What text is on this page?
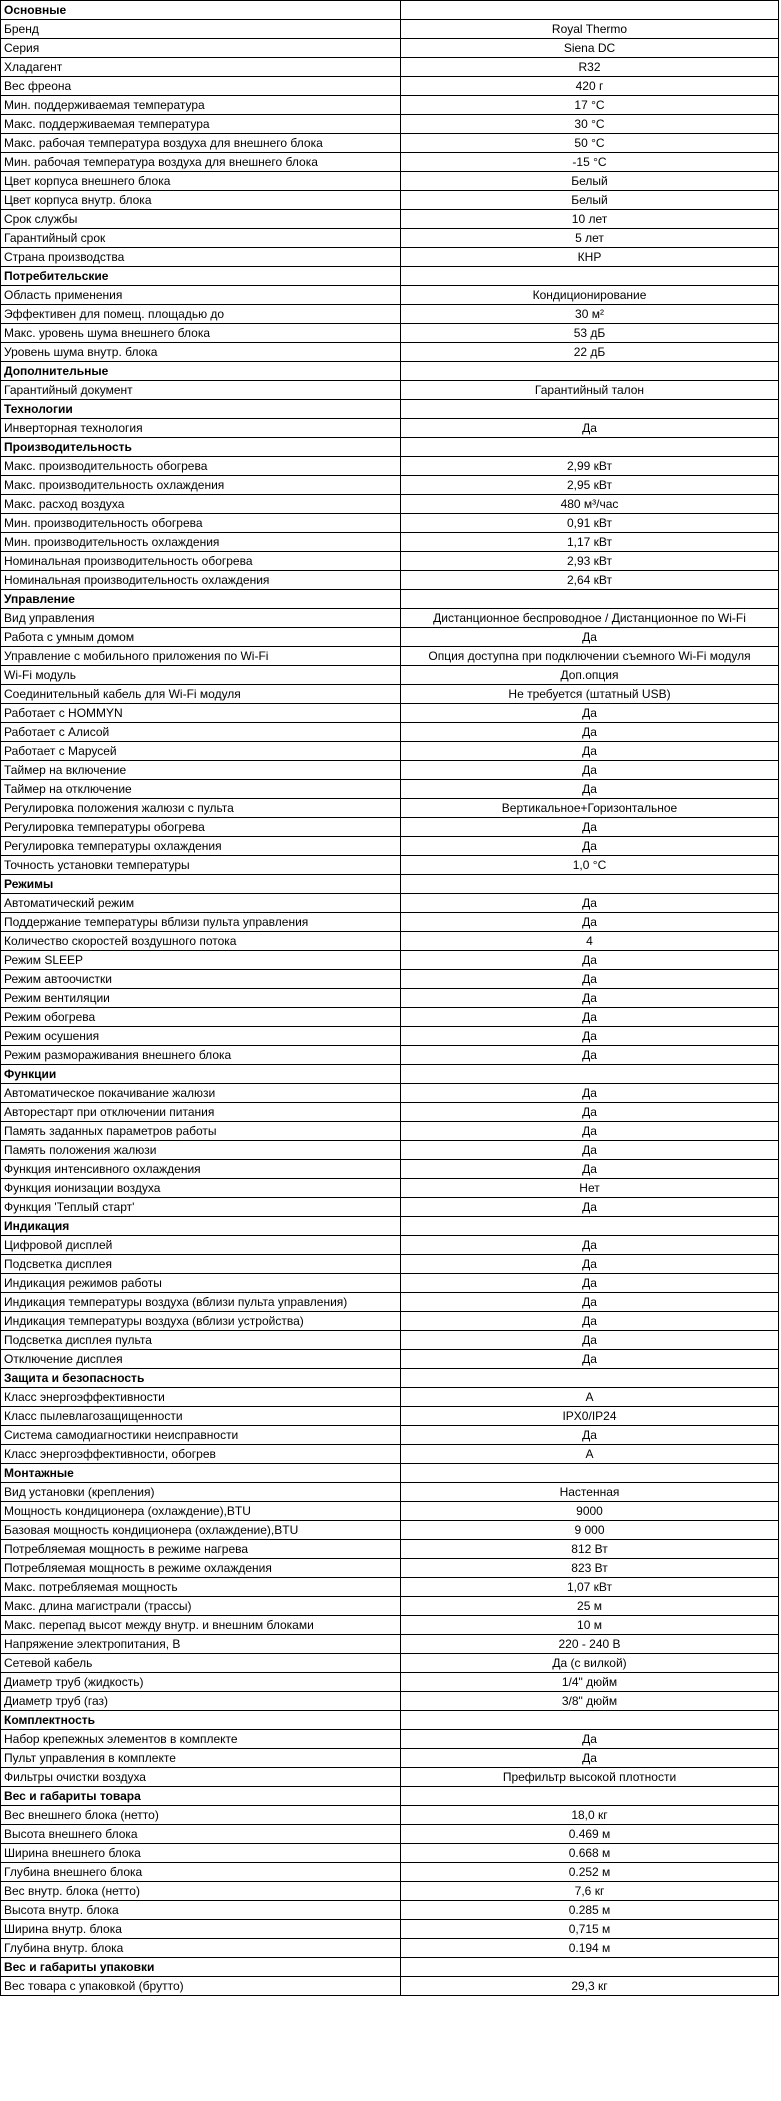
Основные	
Бренд	Royal Thermo
Серия	Siena DC
Хладагент	R32
Вес фреона	420 г
Мин. поддерживаемая температура	17 °C
Макс. поддерживаемая температура	30 °C
Макс. рабочая температура воздуха для внешнего блока	50 °C
Мин. рабочая температура воздуха для внешнего блока	-15 °C
Цвет корпуса внешнего блока	Белый
Цвет корпуса внутр. блока	Белый
Срок службы	10 лет
Гарантийный срок	5 лет
Страна производства	КНР
Потребительские	
Область применения	Кондиционирование
Эффективен для помещ. площадью до	30 м²
Макс. уровень шума внешнего блока	53 дБ
Уровень шума внутр. блока	22 дБ
Дополнительные	
Гарантийный документ	Гарантийный талон
Технологии	
Инверторная технология	Да
Производительность	
Макс. производительность обогрева	2,99 кВт
Макс. производительность охлаждения	2,95 кВт
Макс. расход воздуха	480 м³/час
Мин. производительность обогрева	0,91 кВт
Мин. производительность охлаждения	1,17 кВт
Номинальная производительность обогрева	2,93 кВт
Номинальная производительность охлаждения	2,64 кВт
Управление	
Вид управления	Дистанционное беспроводное / Дистанционное по Wi-Fi
Работа с умным домом	Да
Управление с мобильного приложения по Wi-Fi	Опция доступна при подключении съемного Wi-Fi модуля
Wi-Fi модуль	Доп.опция
Соединительный кабель для Wi-Fi модуля	Не требуется (штатный USB)
Работает с HOMMYN	Да
Работает с Алисой	Да
Работает с Марусей	Да
Таймер на включение	Да
Таймер на отключение	Да
Регулировка положения жалюзи с пульта	Вертикальное+Горизонтальное
Регулировка температуры обогрева	Да
Регулировка температуры охлаждения	Да
Точность установки температуры	1,0 °C
Режимы	
Автоматический режим	Да
Поддержание температуры вблизи пульта управления	Да
Количество скоростей воздушного потока	4
Режим SLEEP	Да
Режим автоочистки	Да
Режим вентиляции	Да
Режим обогрева	Да
Режим осушения	Да
Режим размораживания внешнего блока	Да
Функции	
Автоматическое покачивание жалюзи	Да
Авторестарт при отключении питания	Да
Память заданных параметров работы	Да
Память положения жалюзи	Да
Функция интенсивного охлаждения	Да
Функция ионизации воздуха	Нет
Функция 'Теплый старт'	Да
Индикация	
Цифровой дисплей	Да
Подсветка дисплея	Да
Индикация режимов работы	Да
Индикация температуры воздуха (вблизи пульта управления)	Да
Индикация температуры воздуха (вблизи устройства)	Да
Подсветка дисплея пульта	Да
Отключение дисплея	Да
Защита и безопасность	
Класс энергоэффективности	A
Класс пылевлагозащищенности	IPX0/IP24
Система самодиагностики неисправности	Да
Класс энергоэффективности, обогрев	A
Монтажные	
Вид установки (крепления)	Настенная
Мощность кондиционера (охлаждение),BTU	9000
Базовая мощность кондиционера (охлаждение),BTU	9 000
Потребляемая мощность в режиме нагрева	812 Вт
Потребляемая мощность в режиме охлаждения	823 Вт
Макс. потребляемая мощность	1,07 кВт
Макс. длина магистрали (трассы)	25 м
Макс. перепад высот между внутр. и внешним блоками	10 м
Напряжение электропитания, В	220 - 240 В
Сетевой кабель	Да (с вилкой)
Диаметр труб (жидкость)	1/4" дюйм
Диаметр труб (газ)	3/8" дюйм
Комплектность	
Набор крепежных элементов в комплекте	Да
Пульт управления в комплекте	Да
Фильтры очистки воздуха	Префильтр высокой плотности
Вес и габариты товара	
Вес внешнего блока (нетто)	18,0 кг
Высота внешнего блока	0.469 м
Ширина внешнего блока	0.668 м
Глубина внешнего блока	0.252 м
Вес внутр. блока (нетто)	7,6 кг
Высота внутр. блока	0.285 м
Ширина внутр. блока	0,715 м
Глубина внутр. блока	0.194 м
Вес и габариты упаковки	
Вес товара с упаковкой (брутто)	29,3 кг
